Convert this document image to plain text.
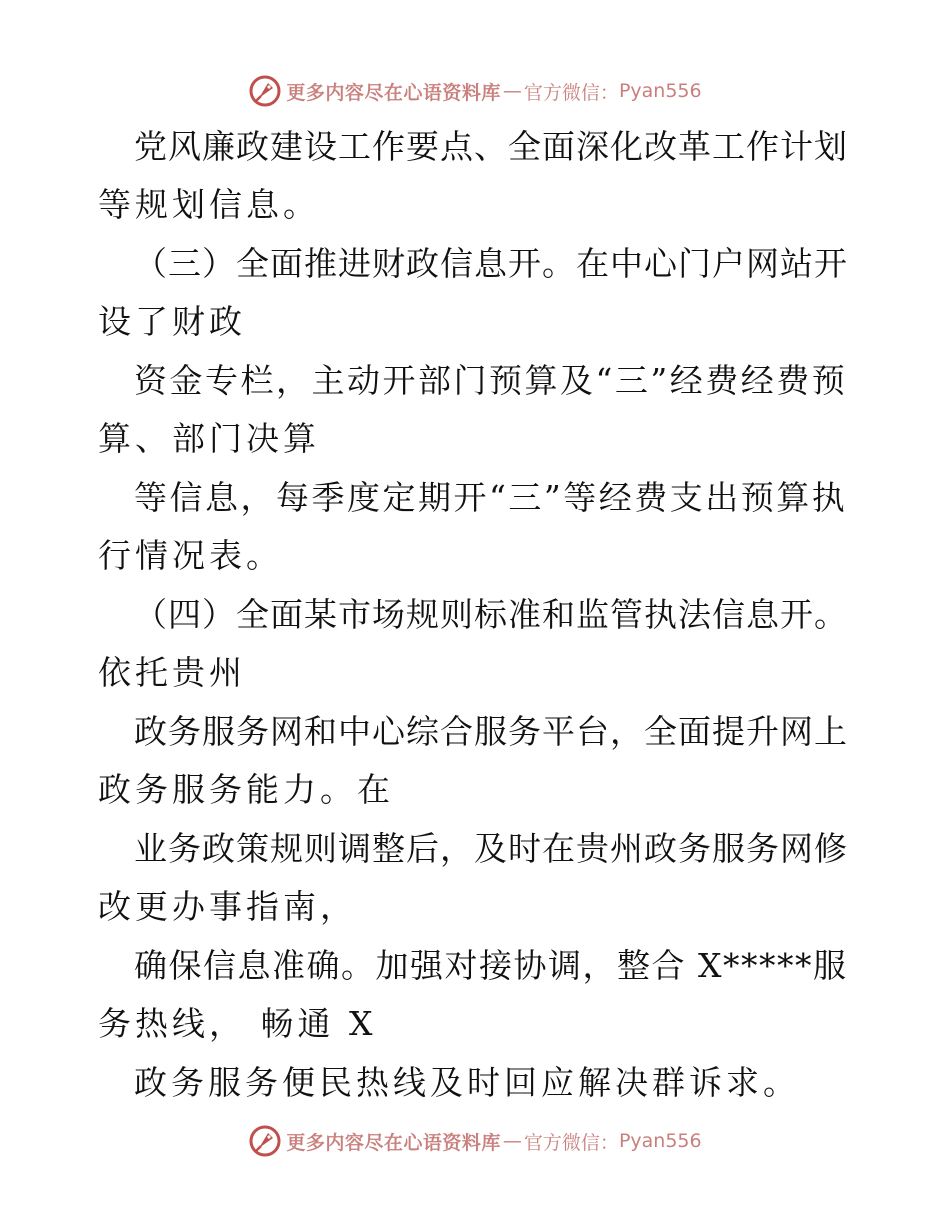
更多内容尽在心语资料库 — 官方微信： Pyan556
党风廉政建设工作要点、全面深化改革工作计划
等规划信息。
（三）全面推进财政信息开。在中心门户网站开
设了财政
资金专栏，主动开部门预算及“三”经费经费预
算、部门决算
等信息，每季度定期开“三”等经费支出预算执
行情况表。
（四）全面某市场规则标准和监管执法信息开。
依托贵州
政务服务网和中心综合服务平台，全面提升网上
政务服务能力。在
业务政策规则调整后，及时在贵州政务服务网修
改更办事指南，
确保信息准确。加强对接协调，整合 X*****服
务热线， 畅通 X
政务服务便民热线及时回应解决群诉求。
更多内容尽在心语资料库 — 官方微信： Pyan556
